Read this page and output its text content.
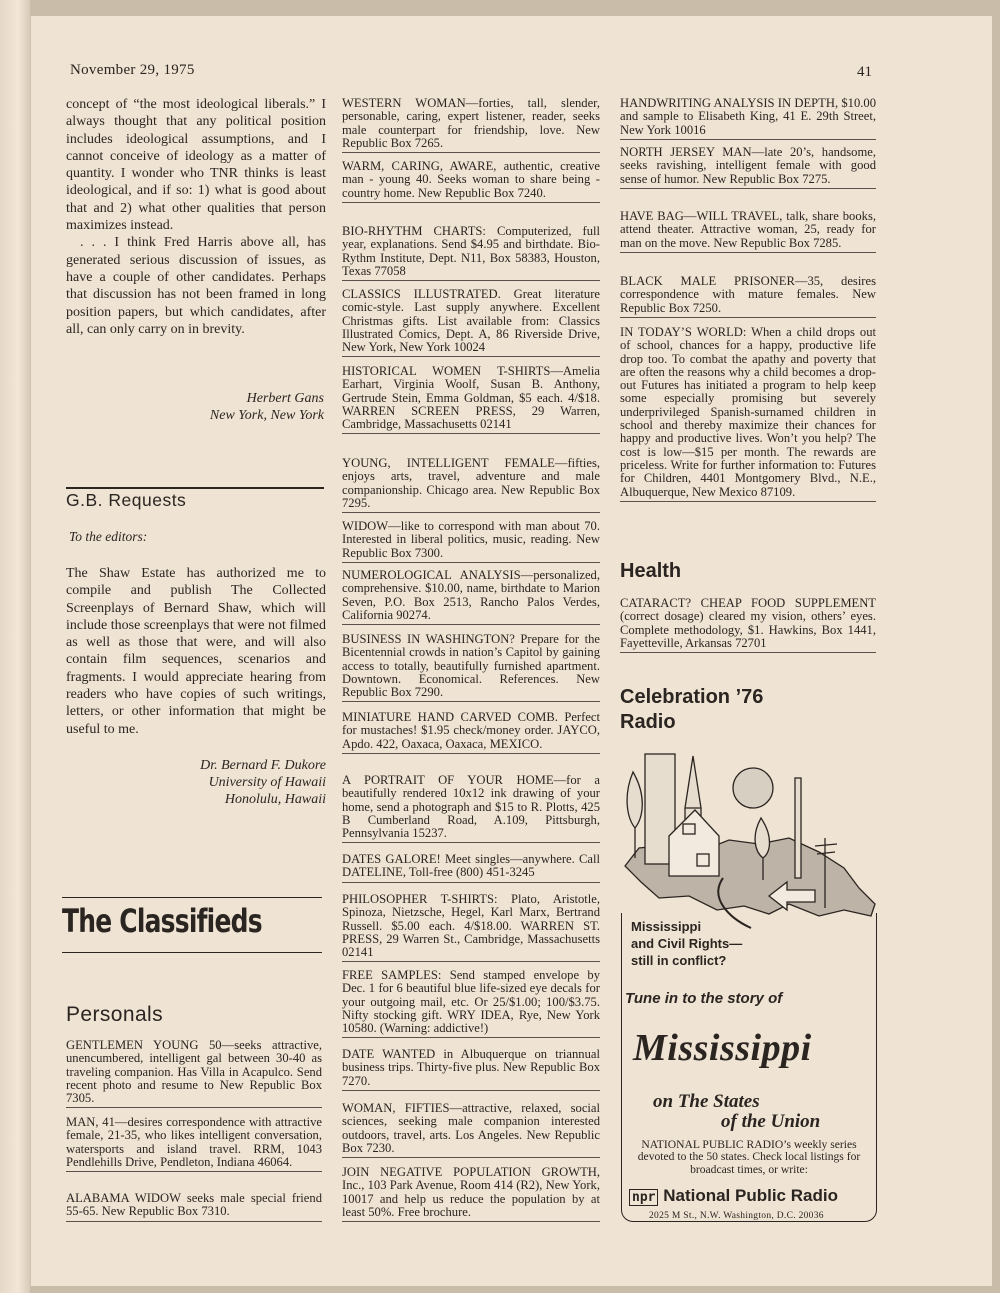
November 29, 1975	41

concept of “the most ideological liberals.” I always thought that any political position includes ideological assumptions, and I cannot conceive of ideology as a matter of quantity. I wonder who TNR thinks is least ideological, and if so: 1) what is good about that and 2) what other qualities that person maximizes instead.

. . . I think Fred Harris above all, has generated serious discussion of issues, as have a couple of other candidates. Perhaps that discussion has not been framed in long position papers, but which candidates, after all, can only carry on in brevity.

Herbert Gans
New York, New York
G.B. Requests
To the editors:
The Shaw Estate has authorized me to compile and publish The Collected Screenplays of Bernard Shaw, which will include those screenplays that were not filmed as well as those that were, and will also contain film sequences, scenarios and fragments. I would appreciate hearing from readers who have copies of such writings, letters, or other information that might be useful to me.
Dr. Bernard F. Dukore
University of Hawaii
Honolulu, Hawaii
The Classifieds
Personals
GENTLEMEN YOUNG 50—seeks attractive, unencumbered, intelligent gal between 30-40 as traveling companion. Has Villa in Acapulco. Send recent photo and resume to New Republic Box 7305.
MAN, 41—desires correspondence with attractive female, 21-35, who likes intelligent conversation, watersports and island travel. RRM, 1043 Pendlehills Drive, Pendleton, Indiana 46064.
ALABAMA WIDOW seeks male special friend 55-65. New Republic Box 7310.
WESTERN WOMAN—forties, tall, slender, personable, caring, expert listener, reader, seeks male counterpart for friendship, love. New Republic Box 7265.
WARM, CARING, AWARE, authentic, creative man - young 40. Seeks woman to share being - country home. New Republic Box 7240.
BIO-RHYTHM CHARTS: Computerized, full year, explanations. Send $4.95 and birthdate. Bio-Rythm Institute, Dept. N11, Box 58383, Houston, Texas 77058
CLASSICS ILLUSTRATED. Great literature comic-style. Last supply anywhere. Excellent Christmas gifts. List available from: Classics Illustrated Comics, Dept. A, 86 Riverside Drive, New York, New York 10024
HISTORICAL WOMEN T-SHIRTS—Amelia Earhart, Virginia Woolf, Susan B. Anthony, Gertrude Stein, Emma Goldman, $5 each. 4/$18. WARREN SCREEN PRESS, 29 Warren, Cambridge, Massachusetts 02141
YOUNG, INTELLIGENT FEMALE—fifties, enjoys arts, travel, adventure and male companionship. Chicago area. New Republic Box 7295.
WIDOW—like to correspond with man about 70. Interested in liberal politics, music, reading. New Republic Box 7300.
NUMEROLOGICAL ANALYSIS—personalized, comprehensive. $10.00, name, birthdate to Marion Seven, P.O. Box 2513, Rancho Palos Verdes, California 90274.
BUSINESS IN WASHINGTON? Prepare for the Bicentennial crowds in nation’s Capitol by gaining access to totally, beautifully furnished apartment. Downtown. Economical. References. New Republic Box 7290.
MINIATURE HAND CARVED COMB. Perfect for mustaches! $1.95 check/money order. JAYCO, Apdo. 422, Oaxaca, Oaxaca, MEXICO.
A PORTRAIT OF YOUR HOME—for a beautifully rendered 10x12 ink drawing of your home, send a photograph and $15 to R. Plotts, 425 B Cumberland Road, A.109, Pittsburgh, Pennsylvania 15237.
DATES GALORE! Meet singles—anywhere. Call DATELINE, Toll-free (800) 451-3245
PHILOSOPHER T-SHIRTS: Plato, Aristotle, Spinoza, Nietzsche, Hegel, Karl Marx, Bertrand Russell. $5.00 each. 4/$18.00. WARREN ST. PRESS, 29 Warren St., Cambridge, Massachusetts 02141
FREE SAMPLES: Send stamped envelope by Dec. 1 for 6 beautiful blue life-sized eye decals for your outgoing mail, etc. Or 25/$1.00; 100/$3.75. Nifty stocking gift. WRY IDEA, Rye, New York 10580. (Warning: addictive!)
DATE WANTED in Albuquerque on triannual business trips. Thirty-five plus. New Republic Box 7270.
WOMAN, FIFTIES—attractive, relaxed, social sciences, seeking male companion interested outdoors, travel, arts. Los Angeles. New Republic Box 7230.
JOIN NEGATIVE POPULATION GROWTH, Inc., 103 Park Avenue, Room 414 (R2), New York, 10017 and help us reduce the population by at least 50%. Free brochure.
HANDWRITING ANALYSIS IN DEPTH, $10.00 and sample to Elisabeth King, 41 E. 29th Street, New York 10016
NORTH JERSEY MAN—late 20’s, handsome, seeks ravishing, intelligent female with good sense of humor. New Republic Box 7275.
HAVE BAG—WILL TRAVEL, talk, share books, attend theater. Attractive woman, 25, ready for man on the move. New Republic Box 7285.
BLACK MALE PRISONER—35, desires correspondence with mature females. New Republic Box 7250.
IN TODAY’S WORLD: When a child drops out of school, chances for a happy, productive life drop too. To combat the apathy and poverty that are often the reasons why a child becomes a drop-out Futures has initiated a program to help keep some especially promising but severely underprivileged Spanish-surnamed children in school and thereby maximize their chances for happy and productive lives. Won’t you help? The cost is low—$15 per month. The rewards are priceless. Write for further information to: Futures for Children, 4401 Montgomery Blvd., N.E., Albuquerque, New Mexico 87109.
Health
CATARACT? CHEAP FOOD SUPPLEMENT (correct dosage) cleared my vision, others’ eyes. Complete methodology, $1. Hawkins, Box 1441, Fayetteville, Arkansas 72701
Celebration ’76
Radio
Mississippi
and Civil Rights—
still in conflict?
Tune in to the story of
Mississippi
on The States
of the Union
NATIONAL PUBLIC RADIO’s weekly series devoted to the 50 states. Check local listings for broadcast times, or write:
npr National Public Radio
2025 M St., N.W. Washington, D.C. 20036
